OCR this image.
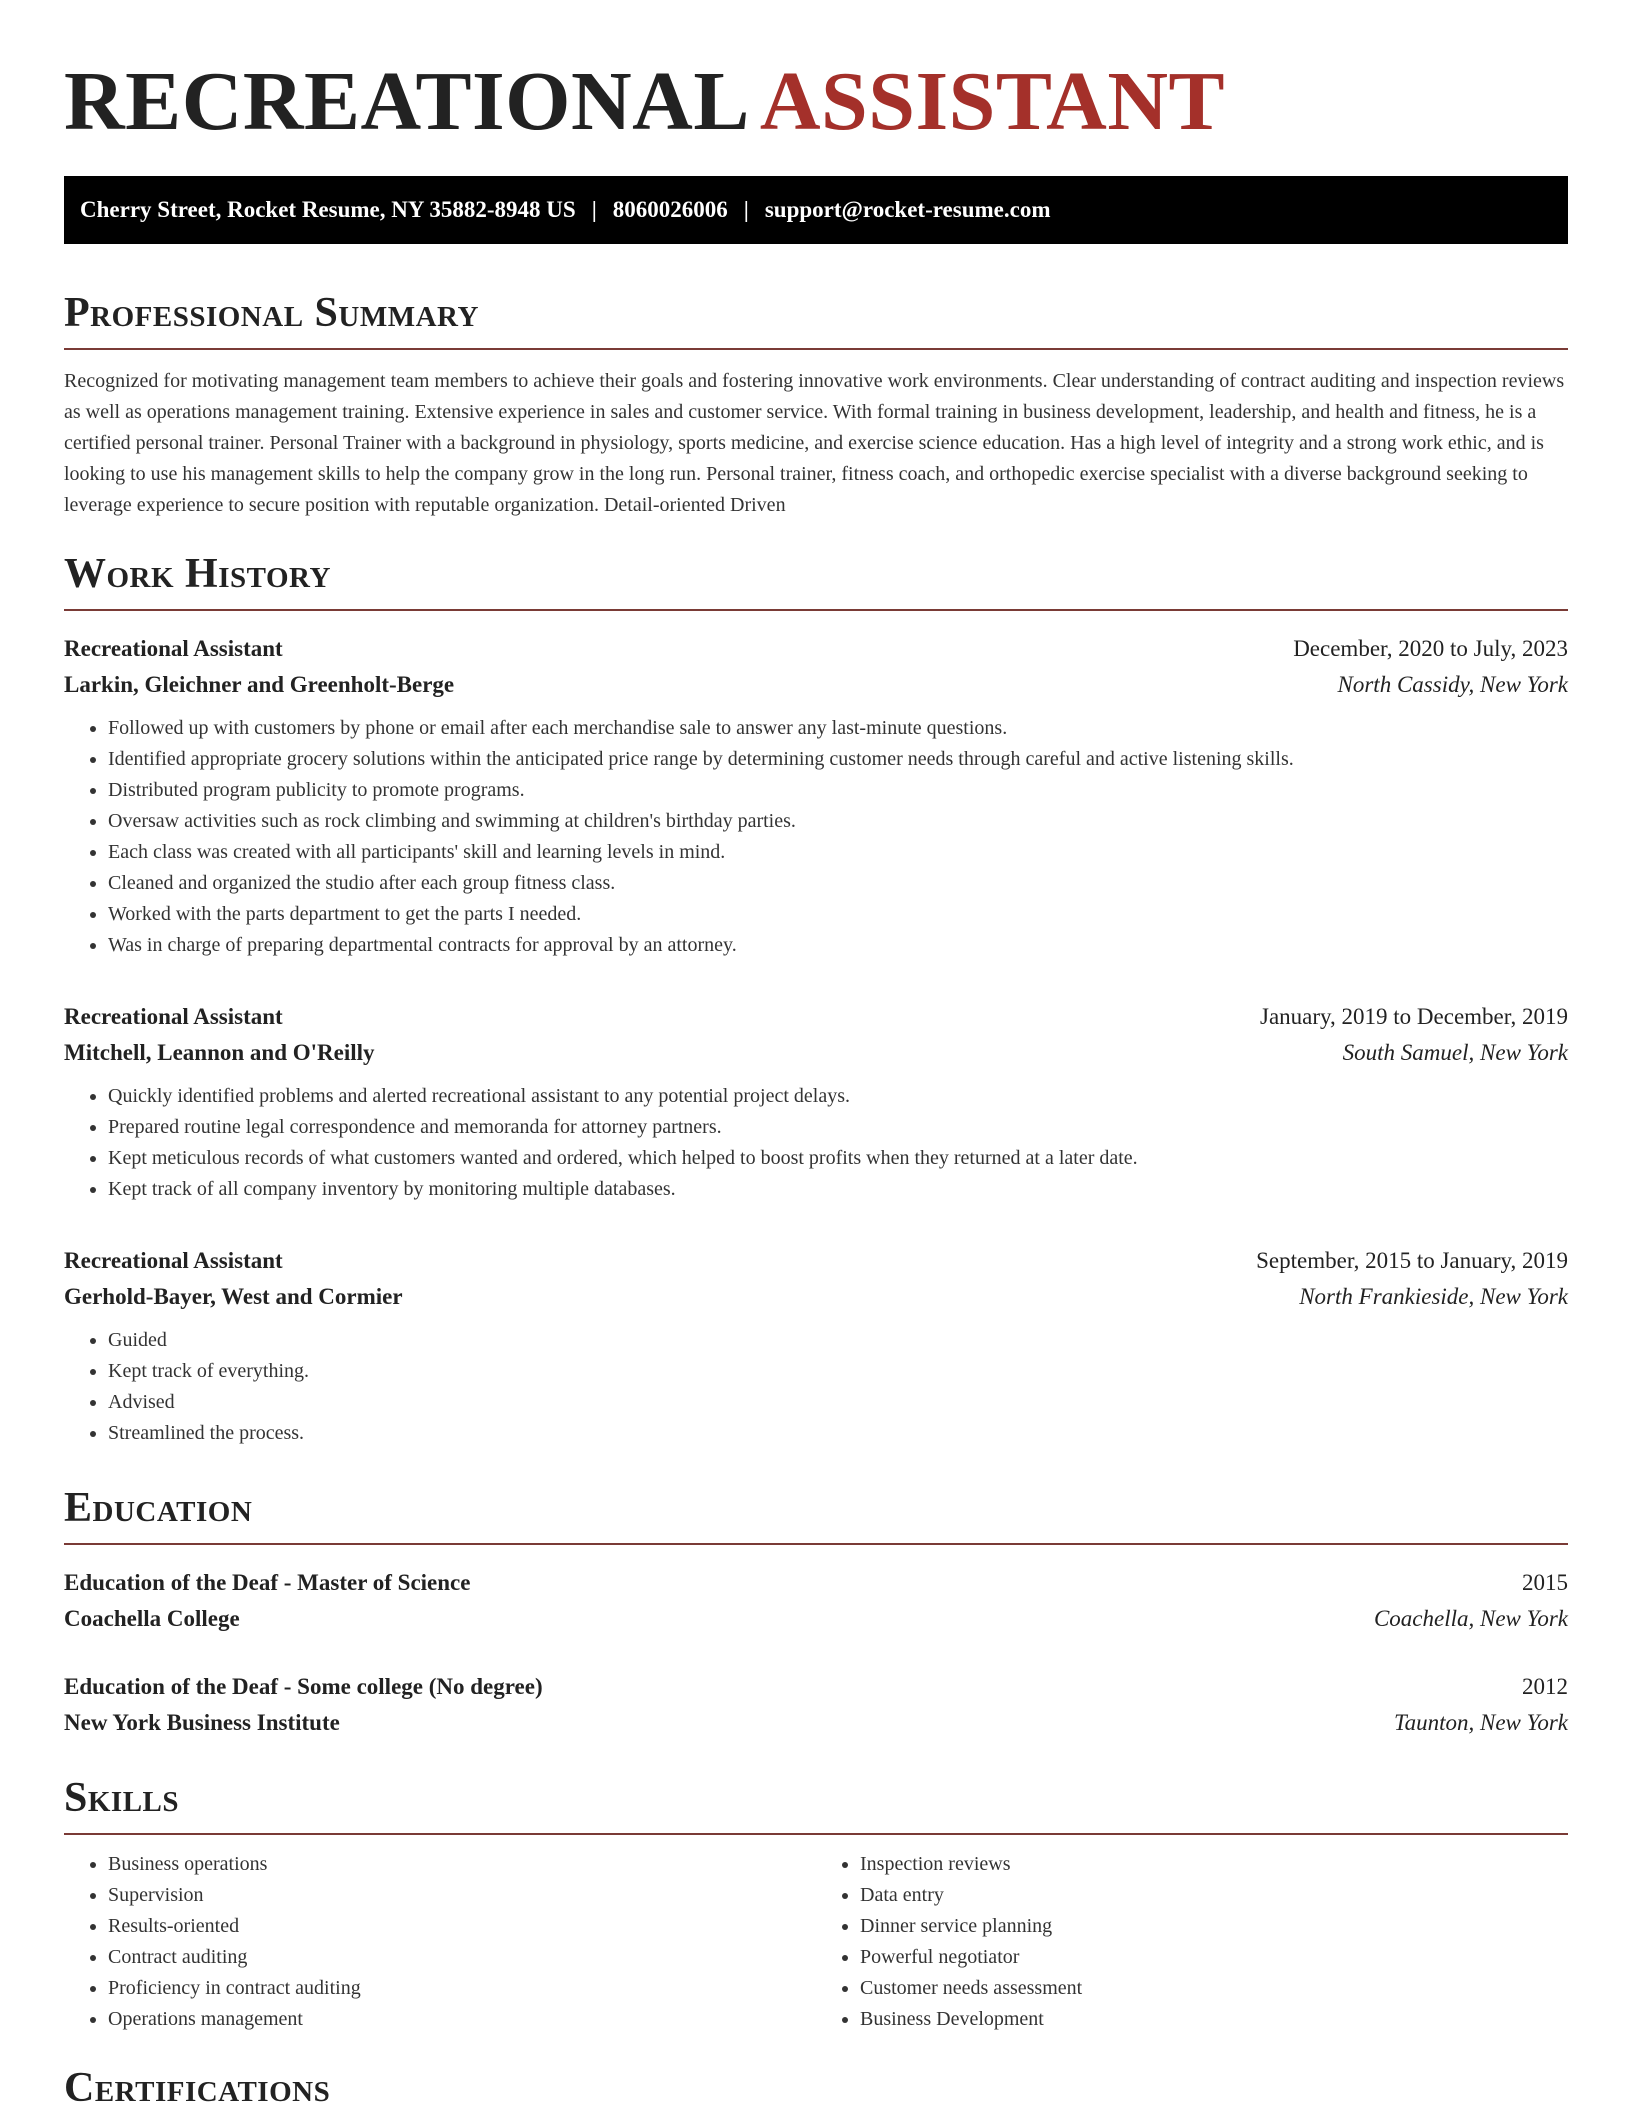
RECREATIONAL ASSISTANT
Cherry Street, Rocket Resume, NY 35882-8948 US | 8060026006 | support@rocket-resume.com
Professional Summary

Recognized for motivating management team members to achieve their goals and fostering innovative work environments. Clear understanding of contract auditing and inspection reviews as well as operations management training. Extensive experience in sales and customer service. With formal training in business development, leadership, and health and fitness, he is a certified personal trainer. Personal Trainer with a background in physiology, sports medicine, and exercise science education. Has a high level of integrity and a strong work ethic, and is looking to use his management skills to help the company grow in the long run. Personal trainer, fitness coach, and orthopedic exercise specialist with a diverse background seeking to leverage experience to secure position with reputable organization. Detail-oriented Driven

Work History
Recreational Assistant	December, 2020 to July, 2023
Larkin, Gleichner and Greenholt-Berge	North Cassidy, New York
• Followed up with customers by phone or email after each merchandise sale to answer any last-minute questions.
• Identified appropriate grocery solutions within the anticipated price range by determining customer needs through careful and active listening skills.
• Distributed program publicity to promote programs.
• Oversaw activities such as rock climbing and swimming at children's birthday parties.
• Each class was created with all participants' skill and learning levels in mind.
• Cleaned and organized the studio after each group fitness class.
• Worked with the parts department to get the parts I needed.
• Was in charge of preparing departmental contracts for approval by an attorney.
Recreational Assistant	January, 2019 to December, 2019
Mitchell, Leannon and O'Reilly	South Samuel, New York
• Quickly identified problems and alerted recreational assistant to any potential project delays.
• Prepared routine legal correspondence and memoranda for attorney partners.
• Kept meticulous records of what customers wanted and ordered, which helped to boost profits when they returned at a later date.
• Kept track of all company inventory by monitoring multiple databases.
Recreational Assistant	September, 2015 to January, 2019
Gerhold-Bayer, West and Cormier	North Frankieside, New York
• Guided
• Kept track of everything.
• Advised
• Streamlined the process.
Education
Education of the Deaf - Master of Science	2015
Coachella College	Coachella, New York
Education of the Deaf - Some college (No degree)	2012
New York Business Institute	Taunton, New York
Skills
• Business operations
• Supervision
• Results-oriented
• Contract auditing
• Proficiency in contract auditing
• Operations management
• Inspection reviews
• Data entry
• Dinner service planning
• Powerful negotiator
• Customer needs assessment
• Business Development
Certifications
